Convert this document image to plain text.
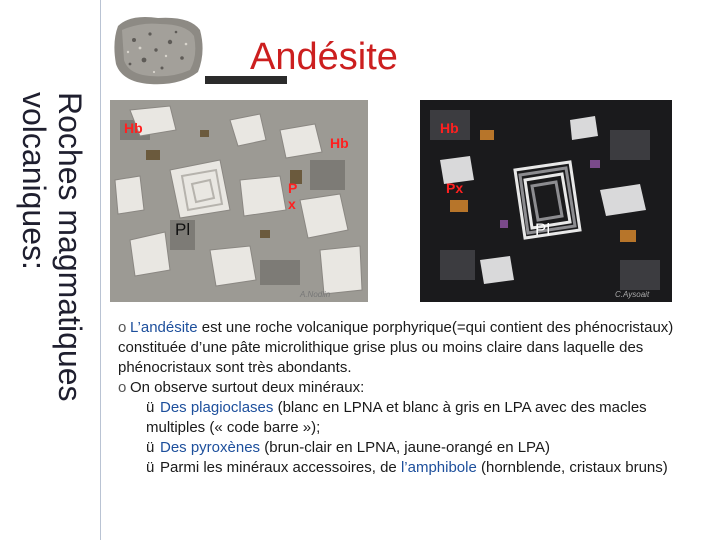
Roches magmatiques
volcaniques:
Andésite
Hb
Hb
Px
Pl
A.Nodlin
Hb
Px
Pl
C.Aysoait

o L’andésite est une roche volcanique porphyrique(=qui contient des phénocristaux) constituée d’une pâte microlithique grise plus ou moins claire dans laquelle des phénocristaux sont très abondants.

o On observe surtout deux minéraux:

ü Des plagioclases (blanc en LPNA et blanc à gris en LPA avec des macles multiples (« code barre »);

ü Des pyroxènes (brun-clair en LPNA, jaune-orangé en LPA)

ü Parmi les minéraux accessoires, de l’amphibole (hornblende, cristaux bruns)
